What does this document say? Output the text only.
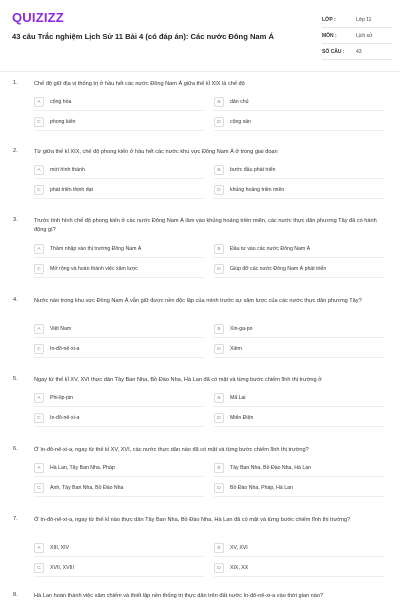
QUIZIZZ
43 câu Trắc nghiệm Lịch Sử 11 Bài 4 (có đáp án): Các nước Đông Nam Á
LỚP :	Lớp 11
MÔN :	Lịch sử
SỐ CÂU :	43
1.	Chế độ giữ địa vị thống trị ở hầu hết các nước Đông Nam Á giữa thế kỉ XIX là chế độ
A	cộng hòa	B	dân chủ
C	phong kiến	D	cộng sản
2.	Từ giữa thế kỉ XIX, chế độ phong kiến ở hầu hết các nước khu vực Đông Nam Á ở trong giai đoạn
A	mới hình thành	B	bước đầu phát triển
C	phát triển thịnh đạt	D	khủng hoảng triền miên
3.	Trước tình hình chế độ phong kiến ở các nước Đông Nam Á lâm vào khủng hoảng triền miên, các nước thực dân phương Tây đã có hành động gì?
A	Thâm nhập vào thị trường Đông Nam Á	B	Đầu tư vào các nước Đông Nam Á
C	Mở rộng và hoàn thành việc xâm lược	D	Giúp đỡ các nước Đông Nam Á phát triển
4.	Nước nào trong khu vực Đông Nam Á vẫn giữ được nền độc lập của mình trước sự xâm lược của các nước thực dân phương Tây?
A	Việt Nam	B	Xin-ga-po
C	In-đô-nê-xi-a	D	Xiêm
5.	Ngay từ thế kỉ XV, XVI thực dân Tây Ban Nha, Bồ Đào Nha, Hà Lan đã có mặt và từng bước chiếm lĩnh thị trường ở
A	Phi-lip-pin	B	Mã Lai
C	In-đô-nê-xi-a	D	Miến Điện
6.	Ở In-đô-nê-xi-a, ngay từ thế kỉ XV, XVI, các nước thực dân nào đã có mặt và từng bước chiếm lĩnh thị trường?
A	Hà Lan, Tây Ban Nha, Pháp	B	Tây Ban Nha, Bồ Đào Nha, Hà Lan
C	Anh, Tây Ban Nha, Bồ Đào Nha	D	Bồ Đào Nha, Pháp, Hà Lan
7.	Ở In-đô-nê-xi-a, ngay từ thế kỉ nào thực dân Tây Ban Nha, Bồ Đào Nha, Hà Lan đã có mặt và từng bước chiếm lĩnh thị trường?
A	XIII, XIV	B	XV, XVI
C	XVII, XVIII	D	XIX, XX
8.	Hà Lan hoàn thành việc xâm chiếm và thiết lập nền thống trị thực dân trên đất nước In-đô-nê-xi-a vào thời gian nào?
